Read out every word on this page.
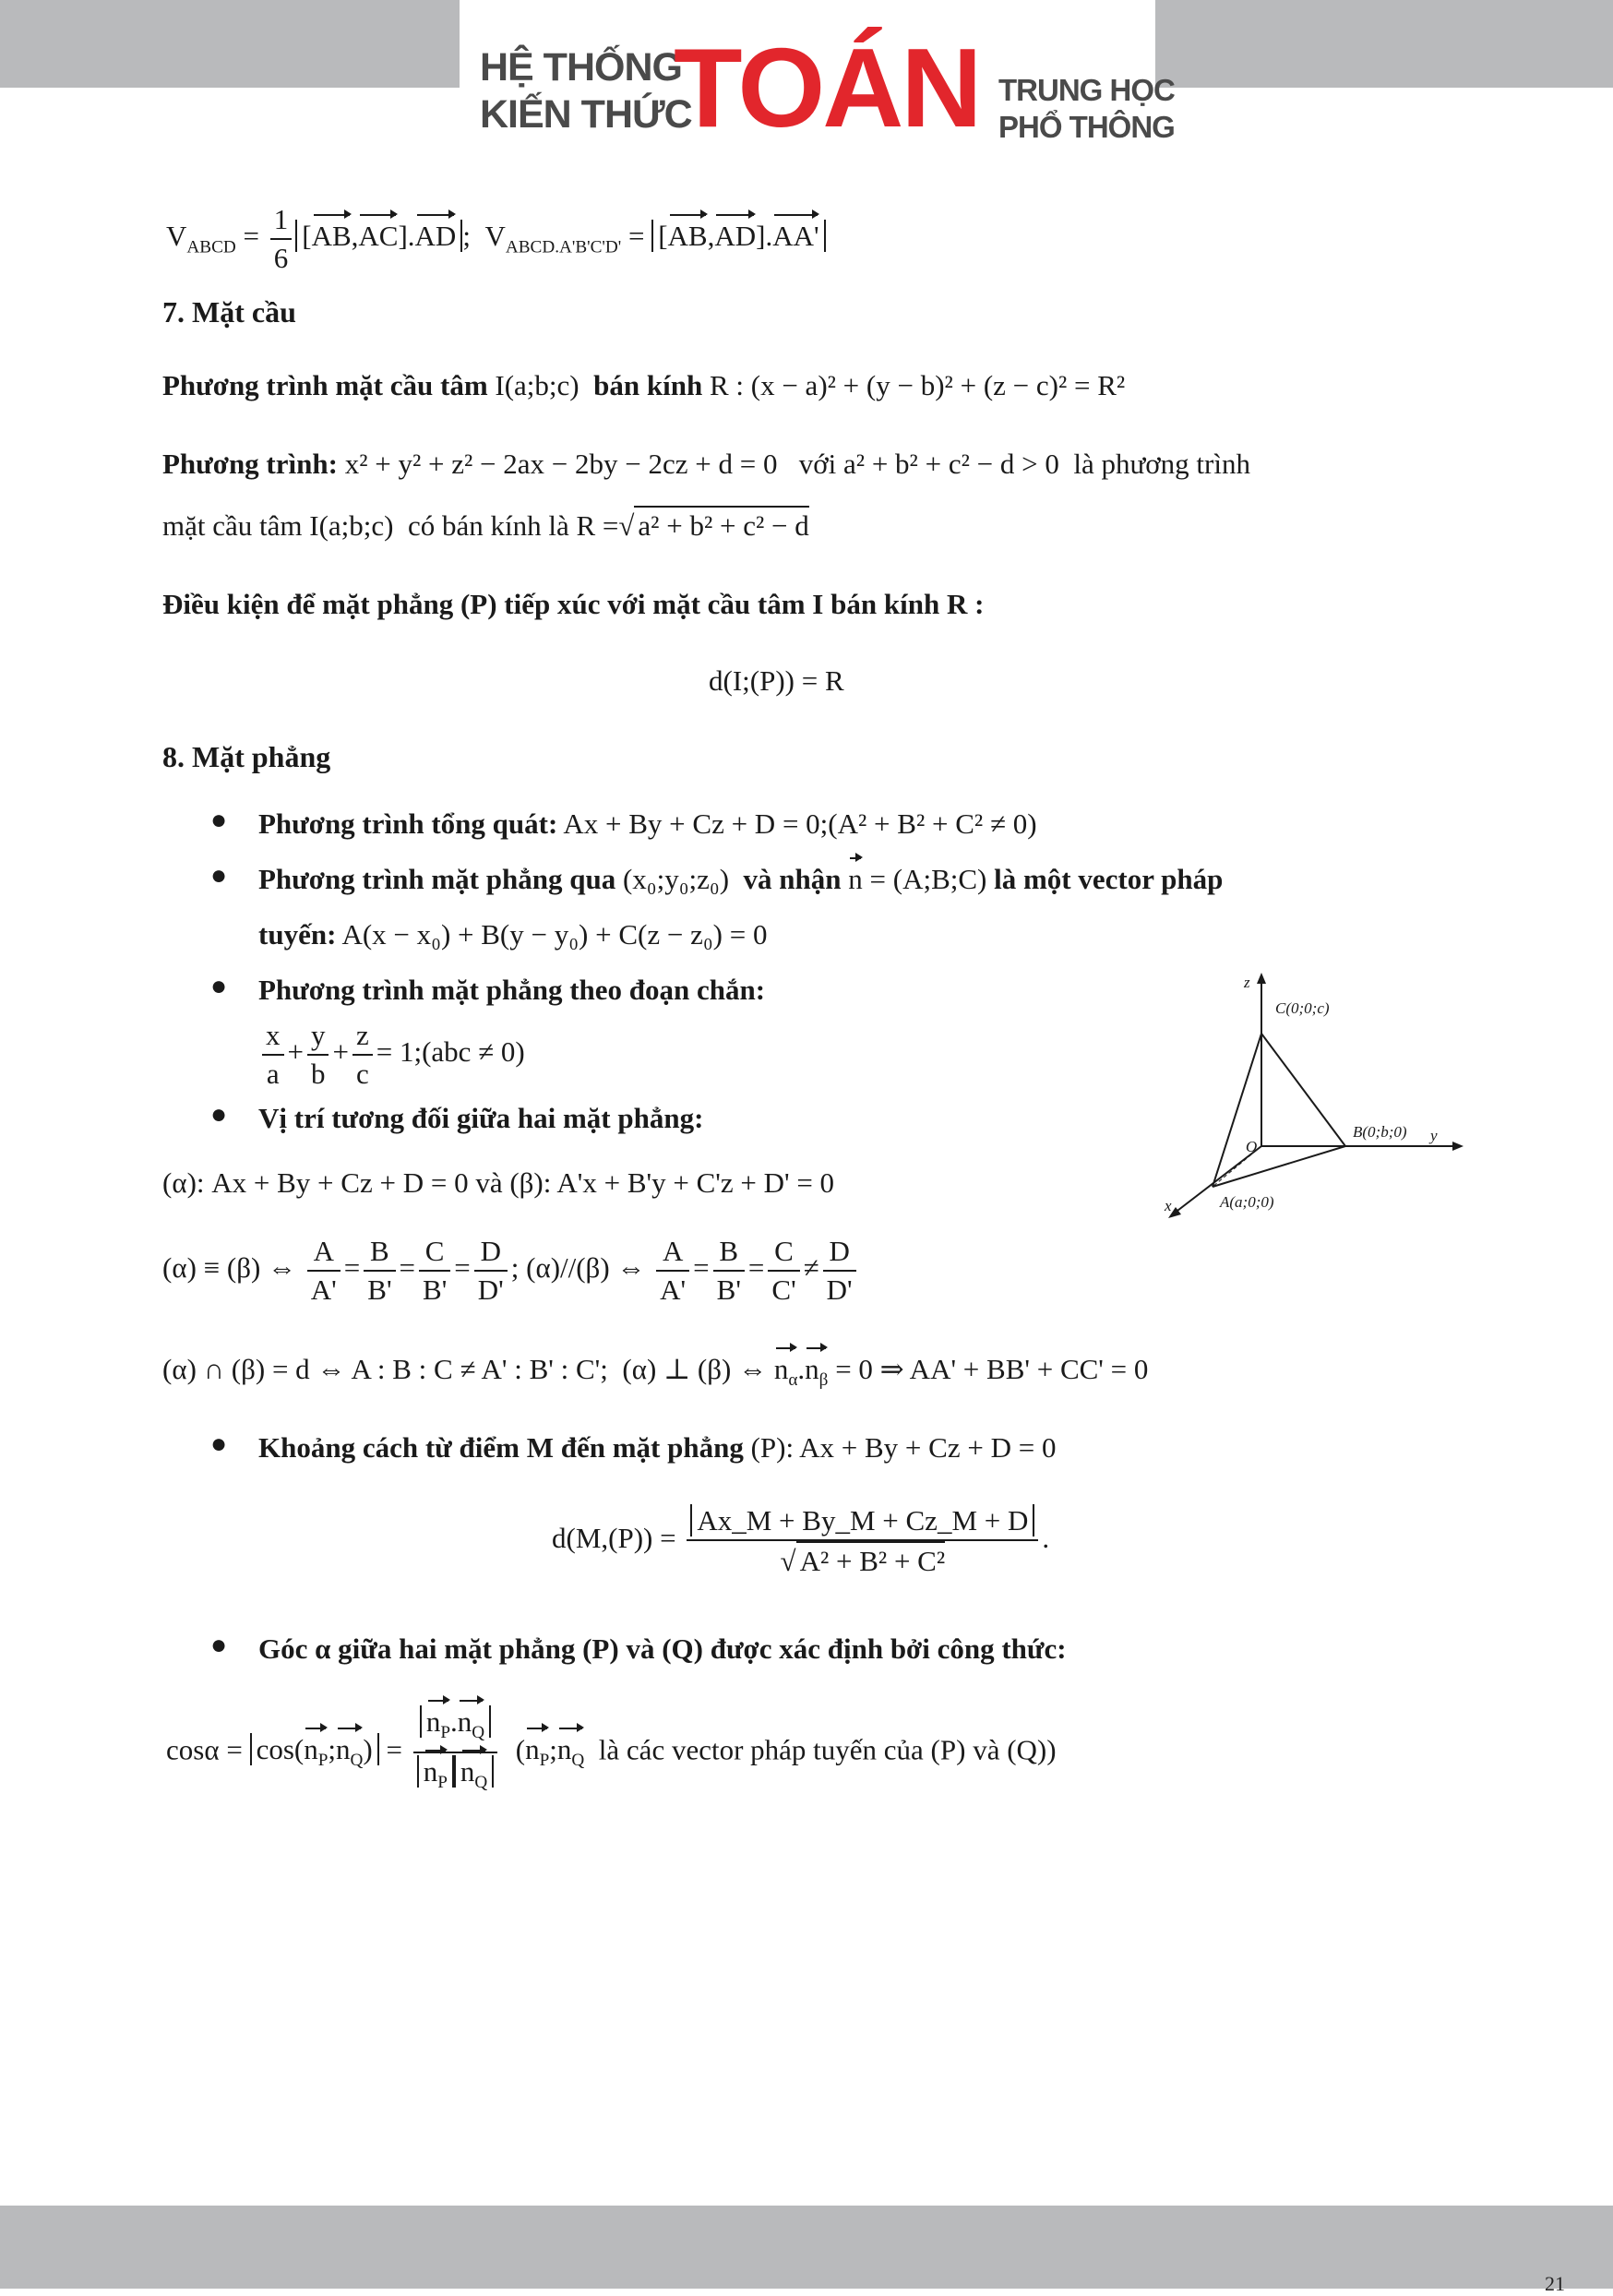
HỆ THỐNG
KIẾN THỨC
TOÁN TRUNG HỌC
PHỔ THÔNG
$V_{ABCD} = \frac{1}{6} [AB,AC].AD$ ;  $V_{ABCD.A'B'C'D'} = [AB,AD].AA'$
7. Mặt cầu
Phương trình mặt cầu tâm I(a;b;c) bán kính R : (x − a)² + (y − b)² + (z − c)² = R²
Phương trình: x² + y² + z² − 2ax − 2by − 2cz + d = 0 với a² + b² + c² − d > 0 là phương trình
mặt cầu tâm I(a;b;c) có bán kính là R =√ a² + b² + c² − d
Điều kiện để mặt phẳng (P) tiếp xúc với mặt cầu tâm I bán kính R :
d(I;(P)) = R
8. Mặt phẳng
● Phương trình tổng quát: Ax + By + Cz + D = 0;(A² + B² + C² ≠ 0)
● Phương trình mặt phẳng qua (x₀;y₀;z₀) và nhận n = (A;B;C) là một vector pháp
tuyến: A(x − x₀) + B(y − y₀) + C(z − z₀) = 0
● Phương trình mặt phẳng theo đoạn chắn:
$\frac{x}{a} + \frac{y}{b} + \frac{z}{c}$ = 1;(abc ≠ 0)
● Vị trí tương đối giữa hai mặt phẳng:
(α): Ax + By + Cz + D = 0 và (β): A'x + B'y + C'z + D' = 0
(α) ≡ (β) ⇔ $\frac{A}{A'} = \frac{B}{B'} = \frac{C}{B'} = \frac{D}{D'}$ ; (α)//(β) ⇔ $\frac{A}{A'} = \frac{B}{B'} = \frac{C}{C'} \ne \frac{D}{D'}$
(α) ∩ (β) = d ⇔ A : B : C ≠ A' : B' : C'; (α) ⊥ (β) ⇔ $n_\alpha.n_\beta = 0$ ⇒ AA' + BB' + CC' = 0
● Khoảng cách từ điểm M đến mặt phẳng (P): Ax + By + Cz + D = 0
$d(M,(P)) = \frac{Ax\_M + By\_M + Cz\_M + D}{\text{√ A² + B² + C²}}$ .
● Góc α giữa hai mặt phẳng (P) và (Q) được xác định bởi công thức:
$\cos\alpha = \cos(n_P;n_Q) = \frac{n_P.n_Q}{n_P n_Q}$ ($n_P;n_Q$ là các vector pháp tuyến của (P) và (Q))
z
y
x
O
C(0;0;c)
B(0;b;0)
A(a;0;0)
21
